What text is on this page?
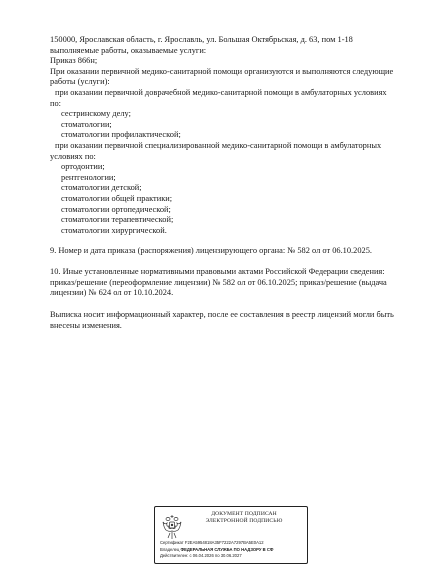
150000, Ярославская область, г. Ярославль, ул. Большая Октябрьская, д. 63, пом 1-18
выполняемые работы, оказываемые услуги:
Приказ 866н;
При оказании первичной медико-санитарной помощи организуются и выполняются следующие
работы (услуги):
при оказании первичной доврачебной медико-санитарной помощи в амбулаторных условиях
по:
сестринскому делу;
стоматологии;
стоматологии профилактической;
при оказании первичной специализированной медико-санитарной помощи в амбулаторных
условиях по:
ортодонтии;
рентгенологии;
стоматологии детской;
стоматологии общей практики;
стоматологии ортопедической;
стоматологии терапевтической;
стоматологии хирургической.
9. Номер и дата приказа (распоряжения) лицензирующего органа: № 582 ол от 06.10.2025.
10. Иные установленные нормативными правовыми актами Российской Федерации сведения:
приказ/решение (переоформление лицензии) № 582 ол от 06.10.2025; приказ/решение (выдача
лицензии) № 624 ол от 10.10.2024.
Выписка носит информационный характер, после ее составления в реестр лицензий могли быть
внесены изменения.
ДОКУМЕНТ ПОДПИСАН
ЭЛЕКТРОННОЙ ПОДПИСЬЮ
Сертификат F2EA5954818A35F7222A7297BA5E0A12
Владелец ФЕДЕРАЛЬНАЯ СЛУЖБА ПО НАДЗОРУ В СФ
Действителен: с 06.04.2026 по 30.06.2027
